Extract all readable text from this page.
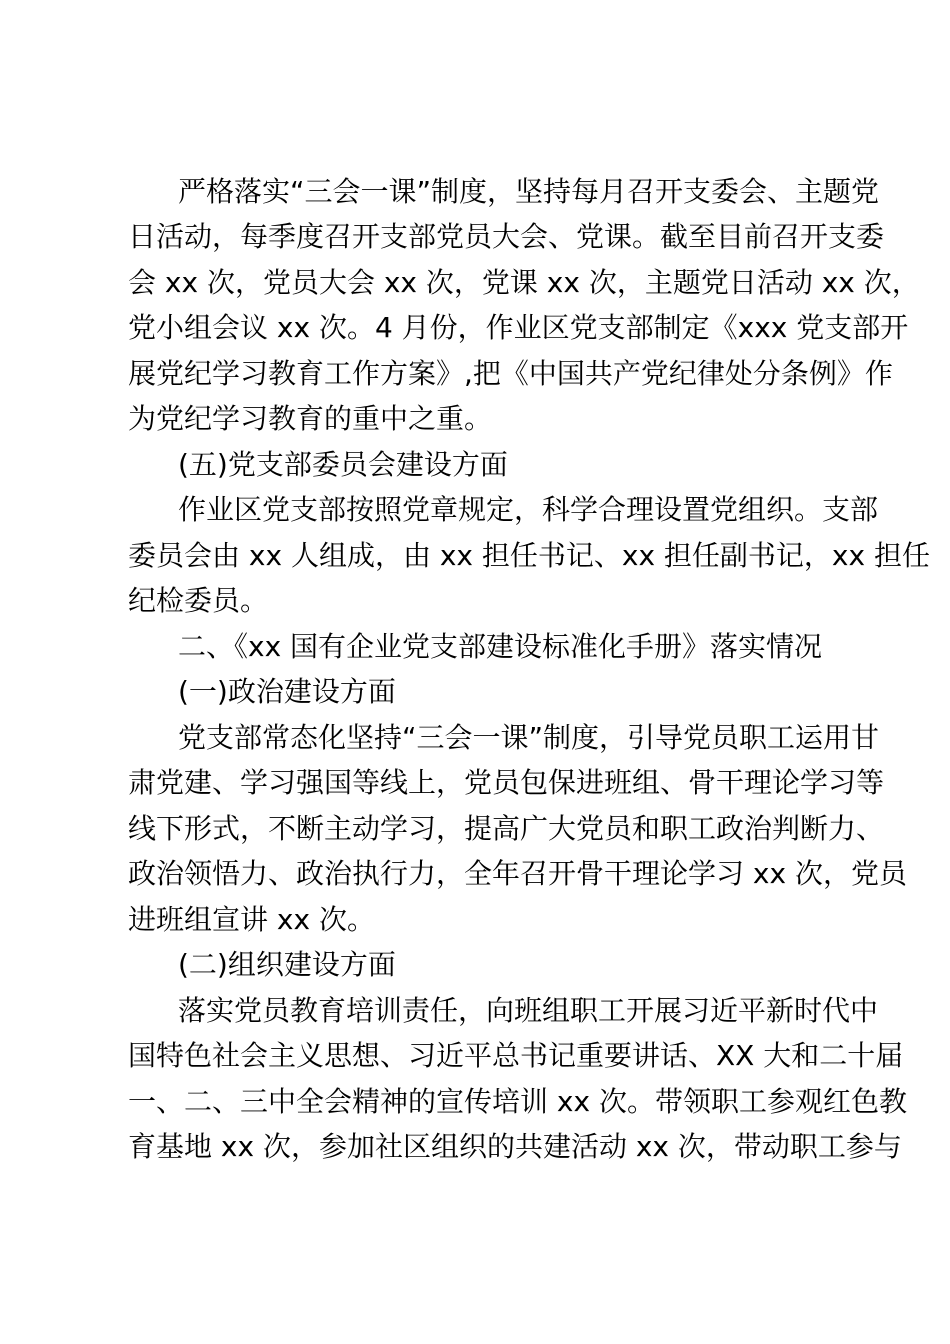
严格落实“三会一课”制度，坚持每月召开支委会、主题党
日活动，每季度召开支部党员大会、党课。截至目前召开支委
会 xx 次，党员大会 xx 次，党课 xx 次，主题党日活动 xx 次，
党小组会议 xx 次。4 月份，作业区党支部制定《xxx 党支部开
展党纪学习教育工作方案》,把《中国共产党纪律处分条例》作
为党纪学习教育的重中之重。
(五)党支部委员会建设方面
作业区党支部按照党章规定，科学合理设置党组织。支部
委员会由 xx 人组成，由 xx 担任书记、xx 担任副书记，xx 担任
纪检委员。
二、《xx 国有企业党支部建设标准化手册》落实情况
(一)政治建设方面
党支部常态化坚持“三会一课”制度，引导党员职工运用甘
肃党建、学习强国等线上，党员包保进班组、骨干理论学习等
线下形式，不断主动学习，提高广大党员和职工政治判断力、
政治领悟力、政治执行力，全年召开骨干理论学习 xx 次，党员
进班组宣讲 xx 次。
(二)组织建设方面
落实党员教育培训责任，向班组职工开展习近平新时代中
国特色社会主义思想、习近平总书记重要讲话、XX 大和二十届
一、二、三中全会精神的宣传培训 xx 次。带领职工参观红色教
育基地 xx 次，参加社区组织的共建活动 xx 次，带动职工参与
